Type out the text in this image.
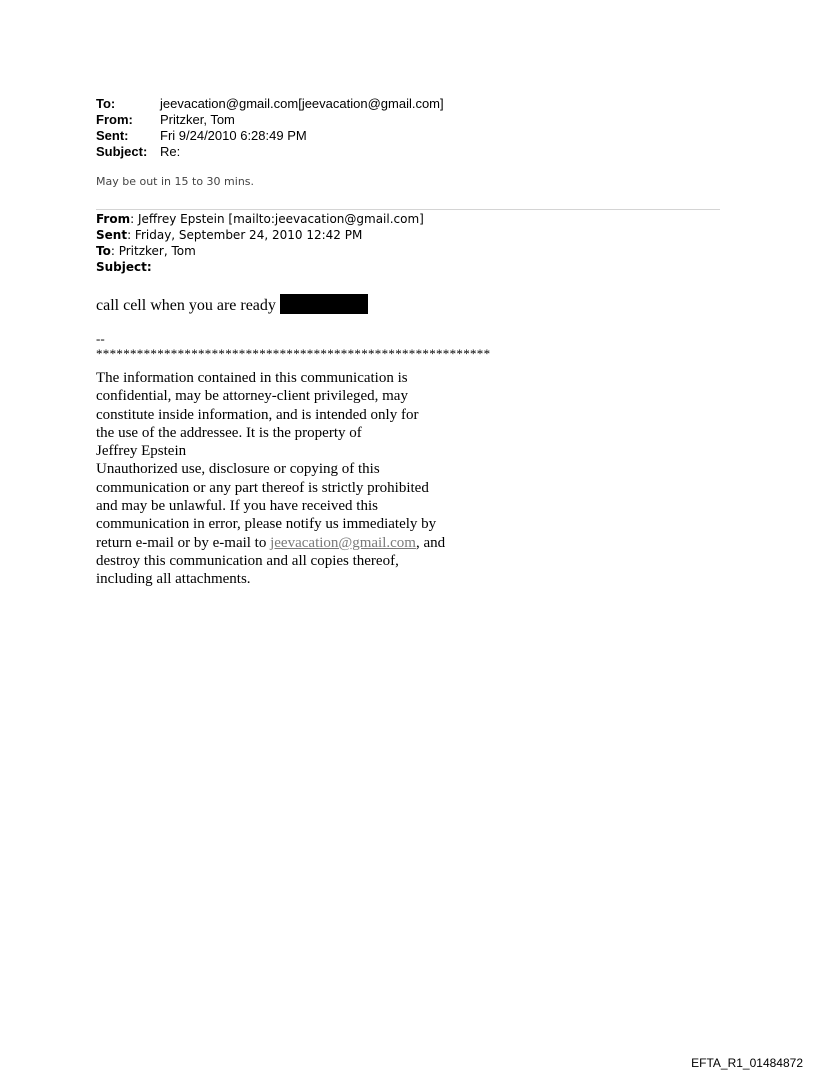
To:	jeevacation@gmail.com[jeevacation@gmail.com]
From:	Pritzker, Tom
Sent:	Fri 9/24/2010 6:28:49 PM
Subject: Re:
May be out in 15 to 30 mins.
From: Jeffrey Epstein [mailto:jeevacation@gmail.com]
Sent: Friday, September 24, 2010 12:42 PM
To: Pritzker, Tom
Subject:
call cell when you are ready
--
**********************************************************
The information contained in this communication is
confidential, may be attorney-client privileged, may
constitute inside information, and is intended only for
the use of the addressee. It is the property of
Jeffrey Epstein
Unauthorized use, disclosure or copying of this
communication or any part thereof is strictly prohibited
and may be unlawful. If you have received this
communication in error, please notify us immediately by
return e-mail or by e-mail to jeevacation@gmail.com, and
destroy this communication and all copies thereof,
including all attachments.
EFTA_R1_01484872
